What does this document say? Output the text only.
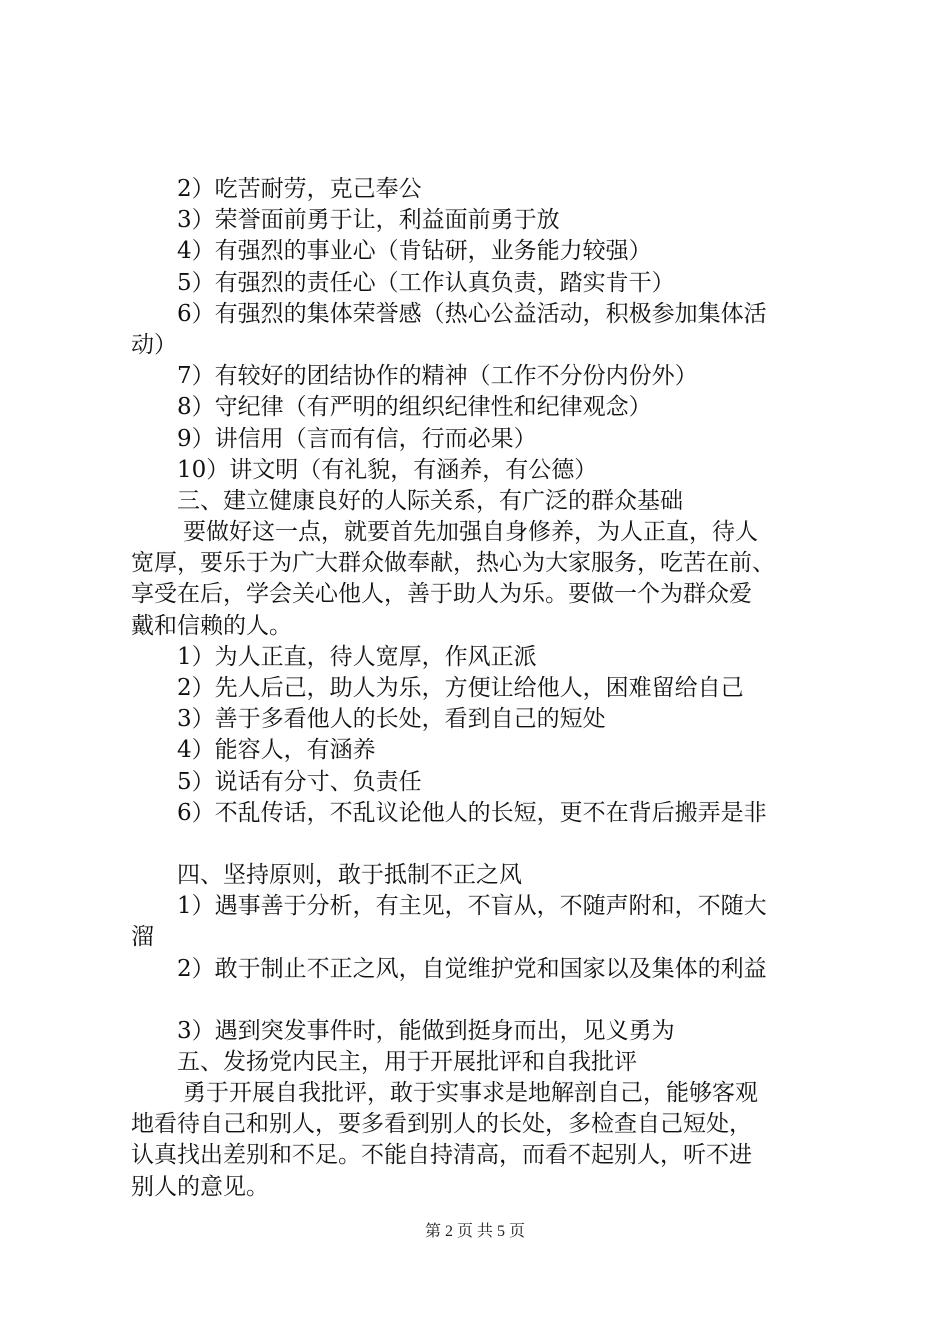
2）吃苦耐劳，克己奉公
3）荣誉面前勇于让，利益面前勇于放
4）有强烈的事业心（肯钻研，业务能力较强）
5）有强烈的责任心（工作认真负责，踏实肯干）
6）有强烈的集体荣誉感（热心公益活动，积极参加集体活
动）
7）有较好的团结协作的精神（工作不分份内份外）
8）守纪律（有严明的组织纪律性和纪律观念）
9）讲信用（言而有信，行而必果）
10）讲文明（有礼貌，有涵养，有公德）
三、建立健康良好的人际关系，有广泛的群众基础
要做好这一点，就要首先加强自身修养，为人正直，待人
宽厚，要乐于为广大群众做奉献，热心为大家服务，吃苦在前、
享受在后，学会关心他人，善于助人为乐。要做一个为群众爱
戴和信赖的人。
1）为人正直，待人宽厚，作风正派
2）先人后己，助人为乐，方便让给他人，困难留给自己
3）善于多看他人的长处，看到自己的短处
4）能容人，有涵养
5）说话有分寸、负责任
6）不乱传话，不乱议论他人的长短，更不在背后搬弄是非
四、坚持原则，敢于抵制不正之风
1）遇事善于分析，有主见，不盲从，不随声附和，不随大
溜
2）敢于制止不正之风，自觉维护党和国家以及集体的利益
3）遇到突发事件时，能做到挺身而出，见义勇为
五、发扬党内民主，用于开展批评和自我批评
勇于开展自我批评，敢于实事求是地解剖自己，能够客观
地看待自己和别人，要多看到别人的长处，多检查自己短处，
认真找出差别和不足。不能自持清高，而看不起别人，听不进
别人的意见。
第 2 页 共 5 页
